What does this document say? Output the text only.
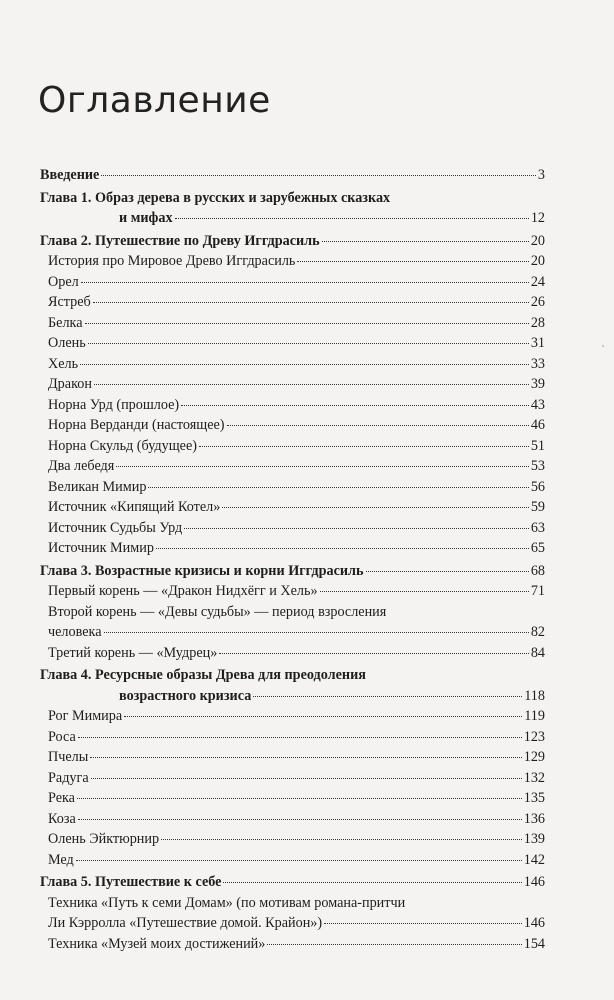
Оглавление
Введение	3
Глава 1. Образ дерева в русских и зарубежных сказках
и мифах	12
Глава 2. Путешествие по Древу Иггдрасиль	20
История про Мировое Древо Иггдрасиль	20
Орел	24
Ястреб	26
Белка	28
Олень	31
Хель	33
Дракон	39
Норна Урд (прошлое)	43
Норна Верданди (настоящее)	46
Норна Скульд (будущее)	51
Два лебедя	53
Великан Мимир	56
Источник «Кипящий Котел»	59
Источник Судьбы Урд	63
Источник Мимир	65
Глава 3. Возрастные кризисы и корни Иггдрасиль	68
Первый корень — «Дракон Нидхёгг и Хель»	71
Второй корень — «Девы судьбы» — период взросления
человека	82
Третий корень — «Мудрец»	84
Глава 4. Ресурсные образы Древа для преодоления
возрастного кризиса	118
Рог Мимира	119
Роса	123
Пчелы	129
Радуга	132
Река	135
Коза	136
Олень Эйктюрнир	139
Мед	142
Глава 5. Путешествие к себе	146
Техника «Путь к семи Домам» (по мотивам романа-притчи
Ли Кэрролла «Путешествие домой. Крайон»)	146
Техника «Музей моих достижений»	154
